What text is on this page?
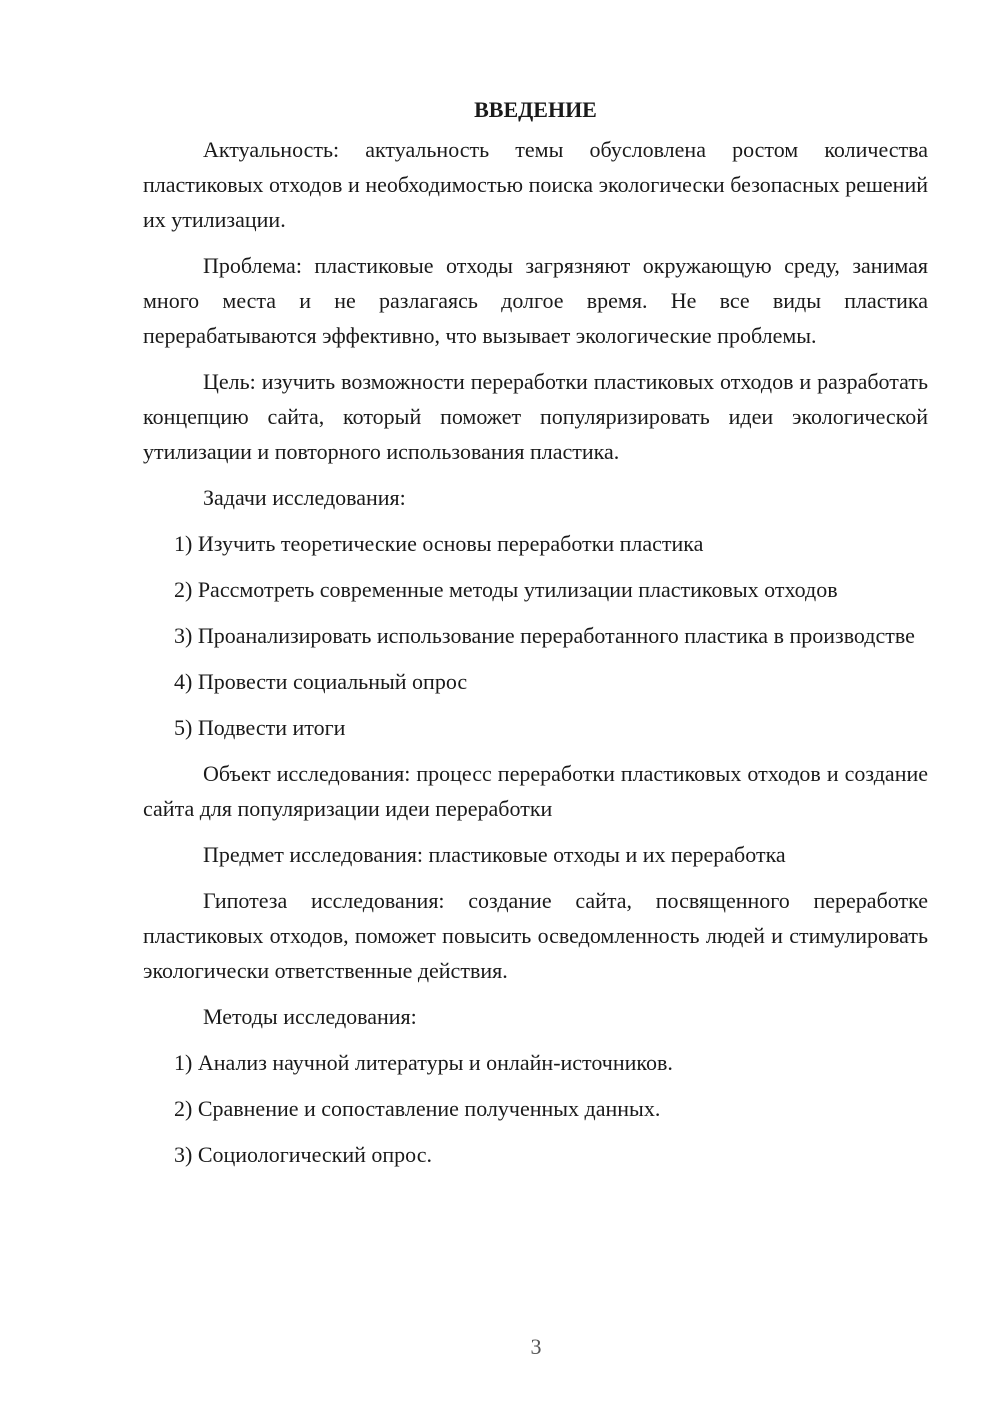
ВВЕДЕНИЕ

Актуальность: актуальность темы обусловлена ростом количества пластиковых отходов и необходимостью поиска экологически безопасных решений их утилизации.

Проблема: пластиковые отходы загрязняют окружающую среду, занимая много места и не разлагаясь долгое время. Не все виды пластика перерабатываются эффективно, что вызывает экологические проблемы.

Цель: изучить возможности переработки пластиковых отходов и разработать концепцию сайта, который поможет популяризировать идеи экологической утилизации и повторного использования пластика.

Задачи исследования:

1) Изучить теоретические основы переработки пластика

2) Рассмотреть современные методы утилизации пластиковых отходов

3) Проанализировать использование переработанного пластика в производстве

4) Провести социальный опрос

5) Подвести итоги

Объект исследования: процесс переработки пластиковых отходов и создание сайта для популяризации идеи переработки

Предмет исследования: пластиковые отходы и их переработка

Гипотеза исследования: создание сайта, посвященного переработке пластиковых отходов, поможет повысить осведомленность людей и стимулировать экологически ответственные действия.

Методы исследования:

1) Анализ научной литературы и онлайн-источников.

2) Сравнение и сопоставление полученных данных.

3) Социологический опрос.

3
